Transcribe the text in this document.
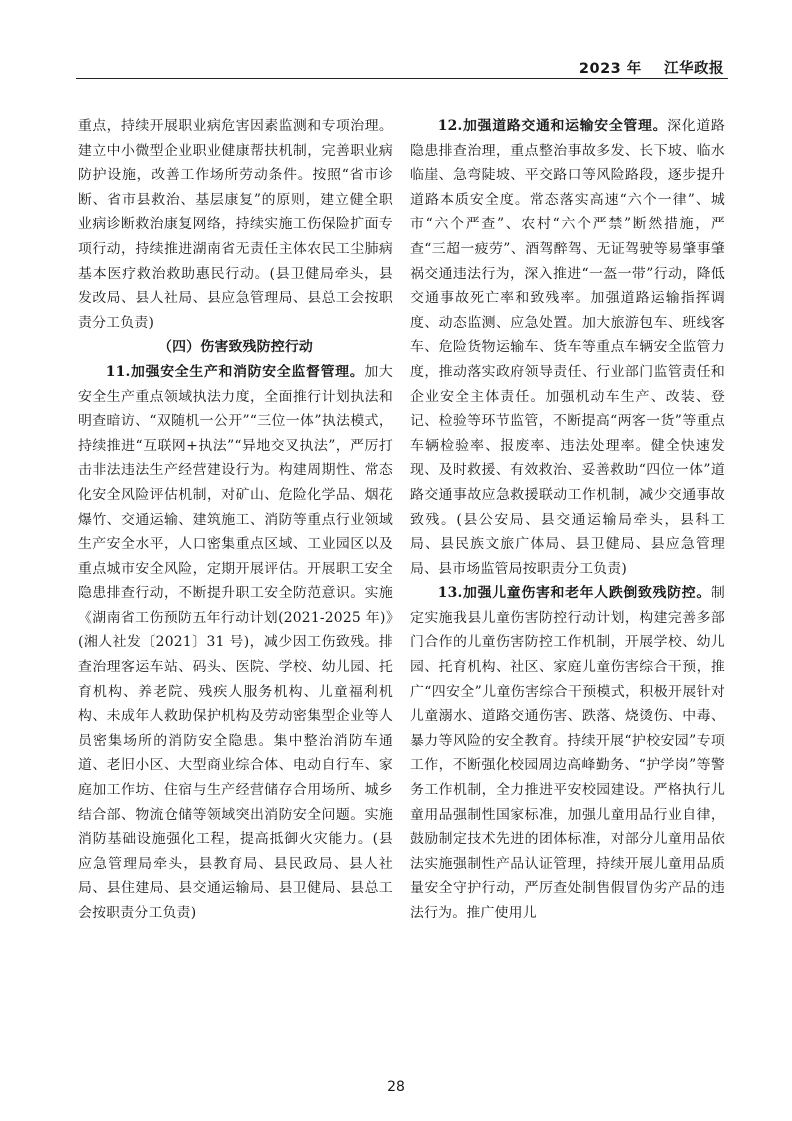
2023 年    江华政报

重点，持续开展职业病危害因素监测和专项治理。建立中小微型企业职业健康帮扶机制，完善职业病防护设施，改善工作场所劳动条件。按照“省市诊断、省市县救治、基层康复”的原则，建立健全职业病诊断救治康复网络，持续实施工伤保险扩面专项行动，持续推进湖南省无责任主体农民工尘肺病基本医疗救治救助惠民行动。(县卫健局牵头，县发改局、县人社局、县应急管理局、县总工会按职责分工负责)

（四）伤害致残防控行动

11.加强安全生产和消防安全监督管理。加大安全生产重点领域执法力度，全面推行计划执法和明查暗访、“双随机一公开”“三位一体”执法模式，持续推进“互联网+执法”“异地交叉执法”，严厉打击非法违法生产经营建设行为。构建周期性、常态化安全风险评估机制，对矿山、危险化学品、烟花爆竹、交通运输、建筑施工、消防等重点行业领域生产安全水平，人口密集重点区域、工业园区以及重点城市安全风险，定期开展评估。开展职工安全隐患排查行动，不断提升职工安全防范意识。实施《湖南省工伤预防五年行动计划(2021-2025 年)》(湘人社发〔2021〕31 号)，减少因工伤致残。排查治理客运车站、码头、医院、学校、幼儿园、托育机构、养老院、残疾人服务机构、儿童福利机构、未成年人救助保护机构及劳动密集型企业等人员密集场所的消防安全隐患。集中整治消防车通道、老旧小区、大型商业综合体、电动自行车、家庭加工作坊、住宿与生产经营储存合用场所、城乡结合部、物流仓储等领域突出消防安全问题。实施消防基础设施强化工程，提高抵御火灾能力。(县应急管理局牵头，县教育局、县民政局、县人社局、县住建局、县交通运输局、县卫健局、县总工会按职责分工负责)

12.加强道路交通和运输安全管理。深化道路隐患排查治理，重点整治事故多发、长下坡、临水临崖、急弯陡坡、平交路口等风险路段，逐步提升道路本质安全度。常态落实高速“六个一律”、城市“六个严查”、农村“六个严禁”断然措施，严查“三超一疲劳”、酒驾醉驾、无证驾驶等易肇事肇祸交通违法行为，深入推进“一盔一带”行动，降低交通事故死亡率和致残率。加强道路运输指挥调度、动态监测、应急处置。加大旅游包车、班线客车、危险货物运输车、货车等重点车辆安全监管力度，推动落实政府领导责任、行业部门监管责任和企业安全主体责任。加强机动车生产、改装、登记、检验等环节监管，不断提高“两客一货”等重点车辆检验率、报废率、违法处理率。健全快速发现、及时救援、有效救治、妥善救助“四位一体”道路交通事故应急救援联动工作机制，减少交通事故致残。(县公安局、县交通运输局牵头，县科工局、县民族文旅广体局、县卫健局、县应急管理局、县市场监管局按职责分工负责)

13.加强儿童伤害和老年人跌倒致残防控。制定实施我县儿童伤害防控行动计划，构建完善多部门合作的儿童伤害防控工作机制，开展学校、幼儿园、托育机构、社区、家庭儿童伤害综合干预，推广“四安全”儿童伤害综合干预模式，积极开展针对儿童溺水、道路交通伤害、跌落、烧烫伤、中毒、暴力等风险的安全教育。持续开展“护校安园”专项工作，不断强化校园周边高峰勤务、“护学岗”等警务工作机制，全力推进平安校园建设。严格执行儿童用品强制性国家标准，加强儿童用品行业自律，鼓励制定技术先进的团体标准，对部分儿童用品依法实施强制性产品认证管理，持续开展儿童用品质量安全守护行动，严厉查处制售假冒伪劣产品的违法行为。推广使用儿

28
